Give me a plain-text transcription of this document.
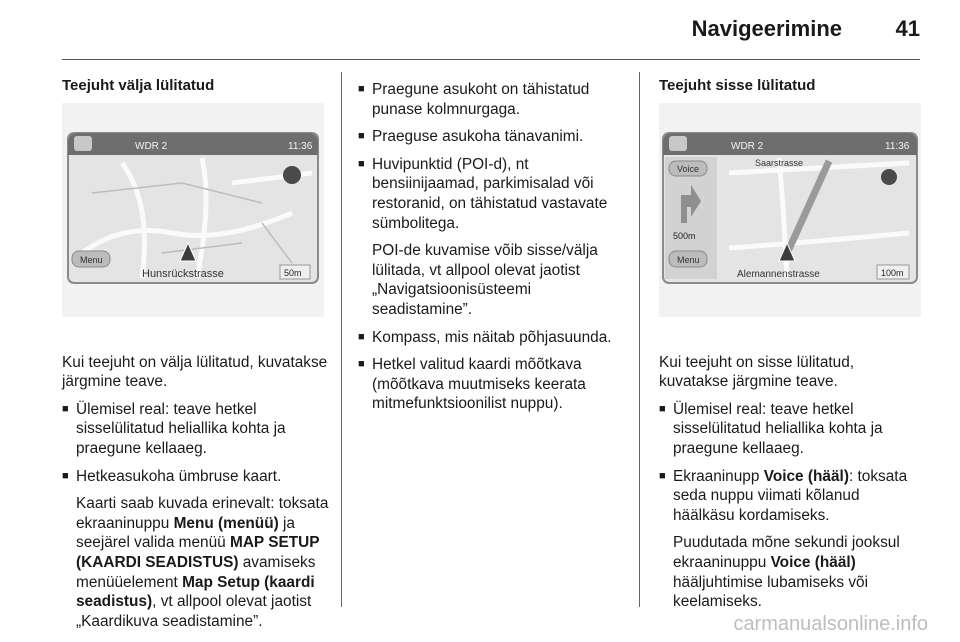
Navigeerimine 41
Teejuht välja lülitatud
Kui teejuht on välja lülitatud, kuvatakse järgmine teave.
■ Ülemisel real: teave hetkel sisselülitatud heliallika kohta ja praegune kellaaeg.
■ Hetkeasukoha ümbruse kaart.
Kaarti saab kuvada erinevalt: toksata ekraaninuppu Menu (menüü) ja seejärel valida menüü MAP SETUP (KAARDI SEADISTUS) avamiseks menüüelement Map Setup (kaardi seadistus), vt allpool olevat jaotist „Kaardikuva seadistamine”.
WDR 2	11:36
Menu
Hunsrückstrasse	50m
■ Praegune asukoht on tähistatud punase kolmnurgaga.
■ Praeguse asukoha tänavanimi.
■ Huvipunktid (POI-d), nt bensiinijaamad, parkimisalad või restoranid, on tähistatud vastavate sümbolitega.
POI-de kuvamise võib sisse/välja lülitada, vt allpool olevat jaotist „Navigatsioonisüsteemi seadistamine”.
■ Kompass, mis näitab põhjasuunda.
■ Hetkel valitud kaardi mõõtkava (mõõtkava muutmiseks keerata mitmefunktsioonilist nuppu).
Teejuht sisse lülitatud
Kui teejuht on sisse lülitatud, kuvatakse järgmine teave.
■ Ülemisel real: teave hetkel sisselülitatud heliallika kohta ja praegune kellaaeg.
■ Ekraaninupp Voice (hääl): toksata seda nuppu viimati kõlanud häälkäsu kordamiseks.
Puudutada mõne sekundi jooksul ekraaninuppu Voice (hääl) hääljuhtimise lubamiseks või keelamiseks.
WDR 2	11:36
Voice
500m
Menu
Saarstrasse
Alemannenstrasse	100m
carmanualsonline.info
